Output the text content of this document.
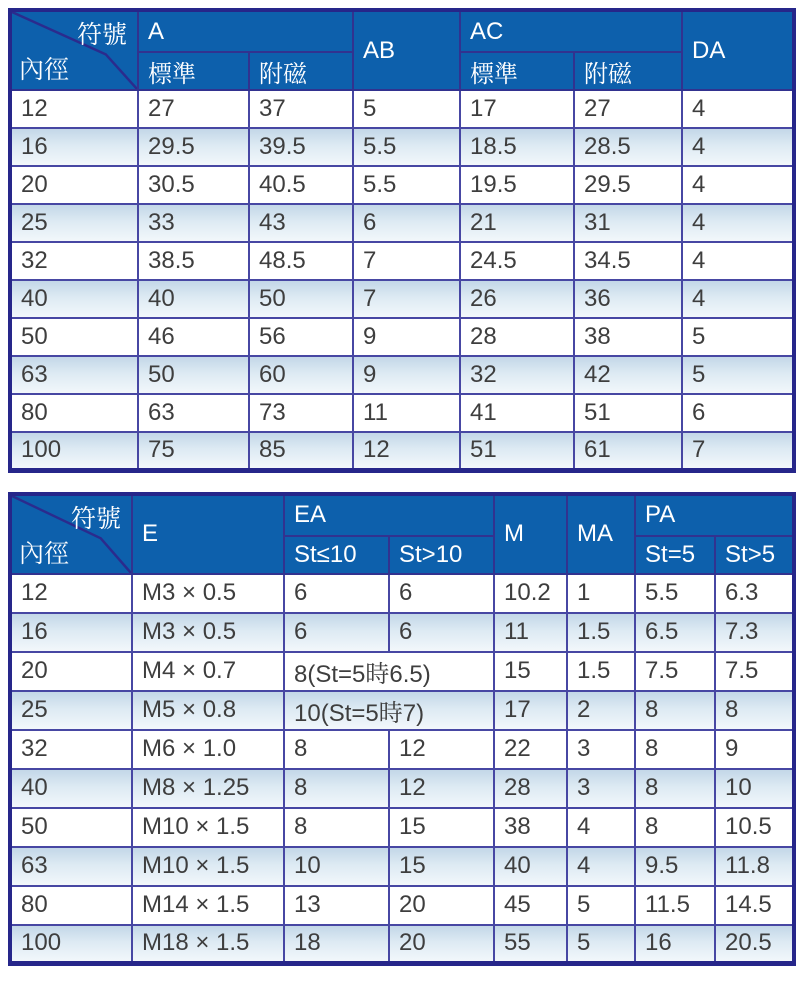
符號
內徑	A		AB	AC		DA
	標準	附磁		標準	附磁	
12	27	37	5	17	27	4
16	29.5	39.5	5.5	18.5	28.5	4
20	30.5	40.5	5.5	19.5	29.5	4
25	33	43	6	21	31	4
32	38.5	48.5	7	24.5	34.5	4
40	40	50	7	26	36	4
50	46	56	9	28	38	5
63	50	60	9	32	42	5
80	63	73	11	41	51	6
100	75	85	12	51	61	7
符號
內徑	E	EA		M	MA	PA	
		St≤10	St>10			St=5	St>5
12	M3 × 0.5	6	6	10.2	1	5.5	6.3
16	M3 × 0.5	6	6	11	1.5	6.5	7.3
20	M4 × 0.7	8(St=5時6.5)		15	1.5	7.5	7.5
25	M5 × 0.8	10(St=5時7)		17	2	8	8
32	M6 × 1.0	8	12	22	3	8	9
40	M8 × 1.25	8	12	28	3	8	10
50	M10 × 1.5	8	15	38	4	8	10.5
63	M10 × 1.5	10	15	40	4	9.5	11.8
80	M14 × 1.5	13	20	45	5	11.5	14.5
100	M18 × 1.5	18	20	55	5	16	20.5
